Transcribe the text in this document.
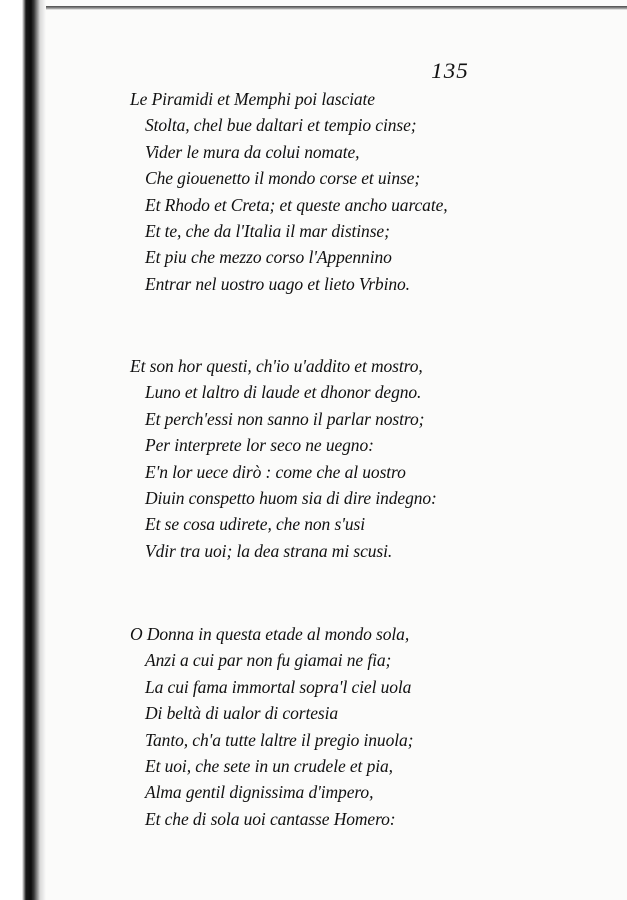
135
Le Piramidi et Memphi poi lasciate
Stolta, chel bue daltari et tempio cinse;
Vider le mura da colui nomate,
Che giouenetto il mondo corse et uinse;
Et Rhodo et Creta; et queste ancho uarcate,
Et te, che da l'Italia il mar distinse;
Et piu che mezzo corso l'Appennino
Entrar nel uostro uago et lieto Vrbino.
Et son hor questi, ch'io u'addito et mostro,
Luno et laltro di laude et dhonor degno.
Et perch'essi non sanno il parlar nostro;
Per interprete lor seco ne uegno:
E'n lor uece dirò : come che al uostro
Diuin conspetto huom sia di dire indegno:
Et se cosa udirete, che non s'usi
Vdir tra uoi; la dea strana mi scusi.
O Donna in questa etade al mondo sola,
Anzi a cui par non fu giamai ne fia;
La cui fama immortal sopra'l ciel uola
Di beltà di ualor di cortesia
Tanto, ch'a tutte laltre il pregio inuola;
Et uoi, che sete in un crudele et pia,
Alma gentil dignissima d'impero,
Et che di sola uoi cantasse Homero:
